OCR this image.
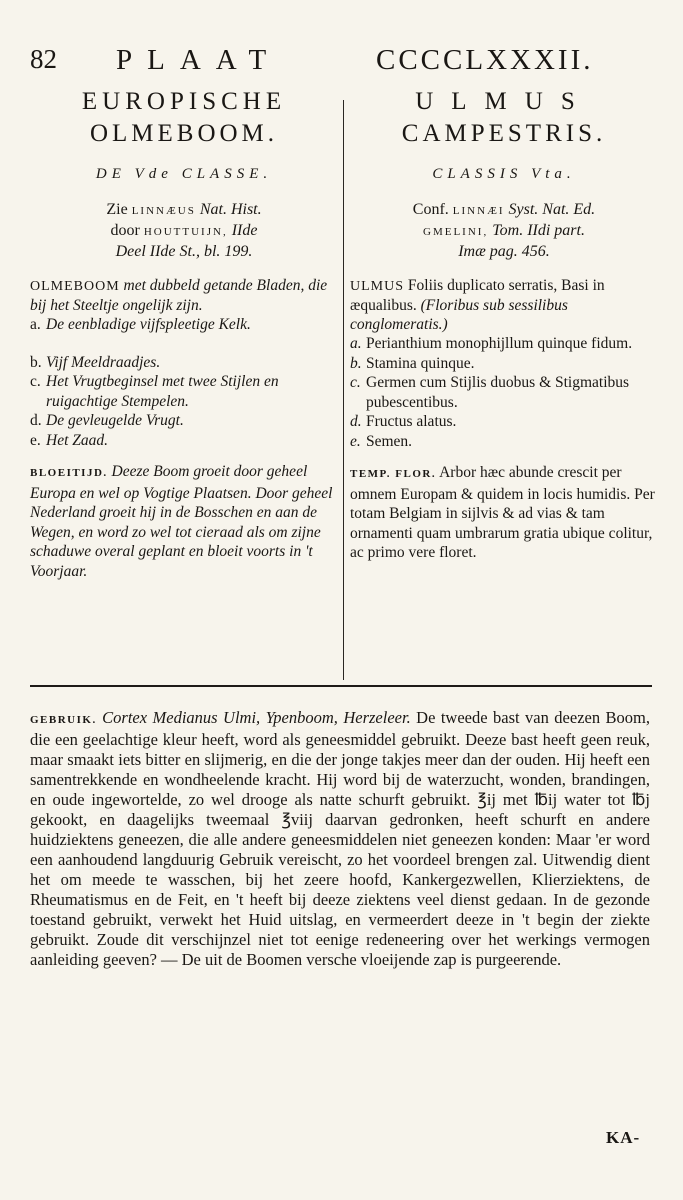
82 PLAAT	CCCCLXXXII.
EUROPISCHE
OLMEBOOM.
DE Vde CLASSE.
Zie LINNÆUS Nat. Hist.
door HOUTTUIJN, IIde
Deel IIde St., bl. 199.
OLMEBOOM met dubbeld getande Bladen, die bij het Steeltje ongelijk zijn.
a. De eenbladige vijfspleetige Kelk.
b. Vijf Meeldraadjes.
c. Het Vrugtbeginsel met twee Stijlen en ruigachtige Stempelen.
d. De gevleugelde Vrugt.
e. Het Zaad.
BLOEITIJD. Deeze Boom groeit door geheel Europa en wel op Vogtige Plaatsen. Door geheel Nederland groeit hij in de Bosschen en aan de Wegen, en word zo wel tot cieraad als om zijne schaduwe overal geplant en bloeit voorts in 't Voorjaar.
ULMUS
CAMPESTRIS.
CLASSIS Vta.
Conf. LINNÆI Syst. Nat. Ed.
GMELINI, Tom. IIdi part.
Imæ pag. 456.
ULMUS Foliis duplicato serratis, Basi in æqualibus. (Floribus sub sessilibus conglomeratis.)
a. Perianthium monophijllum quinque fidum.
b. Stamina quinque.
c. Germen cum Stijlis duobus & Stigmatibus pubescentibus.
d. Fructus alatus.
e. Semen.
TEMP. FLOR. Arbor hæc abunde crescit per omnem Europam & quidem in locis humidis. Per totam Belgiam in sijlvis & ad vias & tam ornamenti quam umbrarum gratia ubique colitur, ac primo vere floret.
GEBRUIK. Cortex Medianus Ulmi, Ypenboom, Herzeleer. De tweede bast van deezen Boom, die een geelachtige kleur heeft, word als geneesmiddel gebruikt. Deeze bast heeft geen reuk, maar smaakt iets bitter en slijmerig, en die der jonge takjes meer dan der ouden. Hij heeft een samentrekkende en wondheelende kracht. Hij word bij de waterzucht, wonden, brandingen, en oude ingewortelde, zo wel drooge als natte schurft gebruikt. ℥ij met ℔ij water tot ℔j gekookt, en daagelijks tweemaal ℥viij daarvan gedronken, heeft schurft en andere huidziektens geneezen, die alle andere geneesmiddelen niet geneezen konden: Maar 'er word een aanhoudend langduurig Gebruik vereischt, zo het voordeel brengen zal. Uitwendig dient het om meede te wasschen, bij het zeere hoofd, Kankergezwellen, Klierziektens, de Rheumatismus en de Feit, en 't heeft bij deeze ziektens veel dienst gedaan. In de gezonde toestand gebruikt, verwekt het Huid uitslag, en vermeerdert deeze in 't begin der ziekte gebruikt. Zoude dit verschijnzel niet tot eenige redeneering over het werkings vermogen aanleiding geeven? — De uit de Boomen versche vloeijende zap is purgeerende.
KA-
